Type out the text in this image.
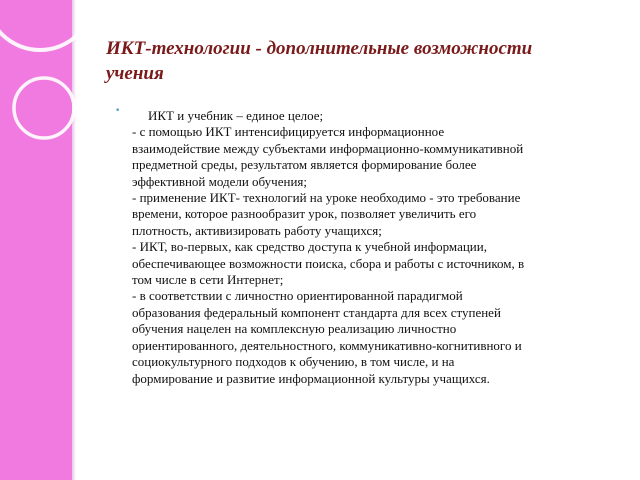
ИКТ-технологии - дополнительные возможности
учения
•	ИКТ и учебник – единое целое;
- с помощью ИКТ интенсифицируется информационное
взаимодействие между субъектами информационно-коммуникативной
предметной среды, результатом является формирование более
эффективной модели обучения;
- применение ИКТ- технологий на уроке необходимо - это требование
времени, которое разнообразит урок, позволяет увеличить его
плотность, активизировать работу учащихся;
- ИКТ, во-первых, как средство доступа к учебной информации,
обеспечивающее возможности поиска, сбора и работы с источником, в
том числе в сети Интернет;
- в соответствии с личностно ориентированной парадигмой
образования федеральный компонент стандарта для всех ступеней
обучения нацелен на комплексную реализацию личностно
ориентированного, деятельностного, коммуникативно-когнитивного и
социокультурного подходов к обучению, в том числе, и на
формирование и развитие информационной культуры учащихся.
